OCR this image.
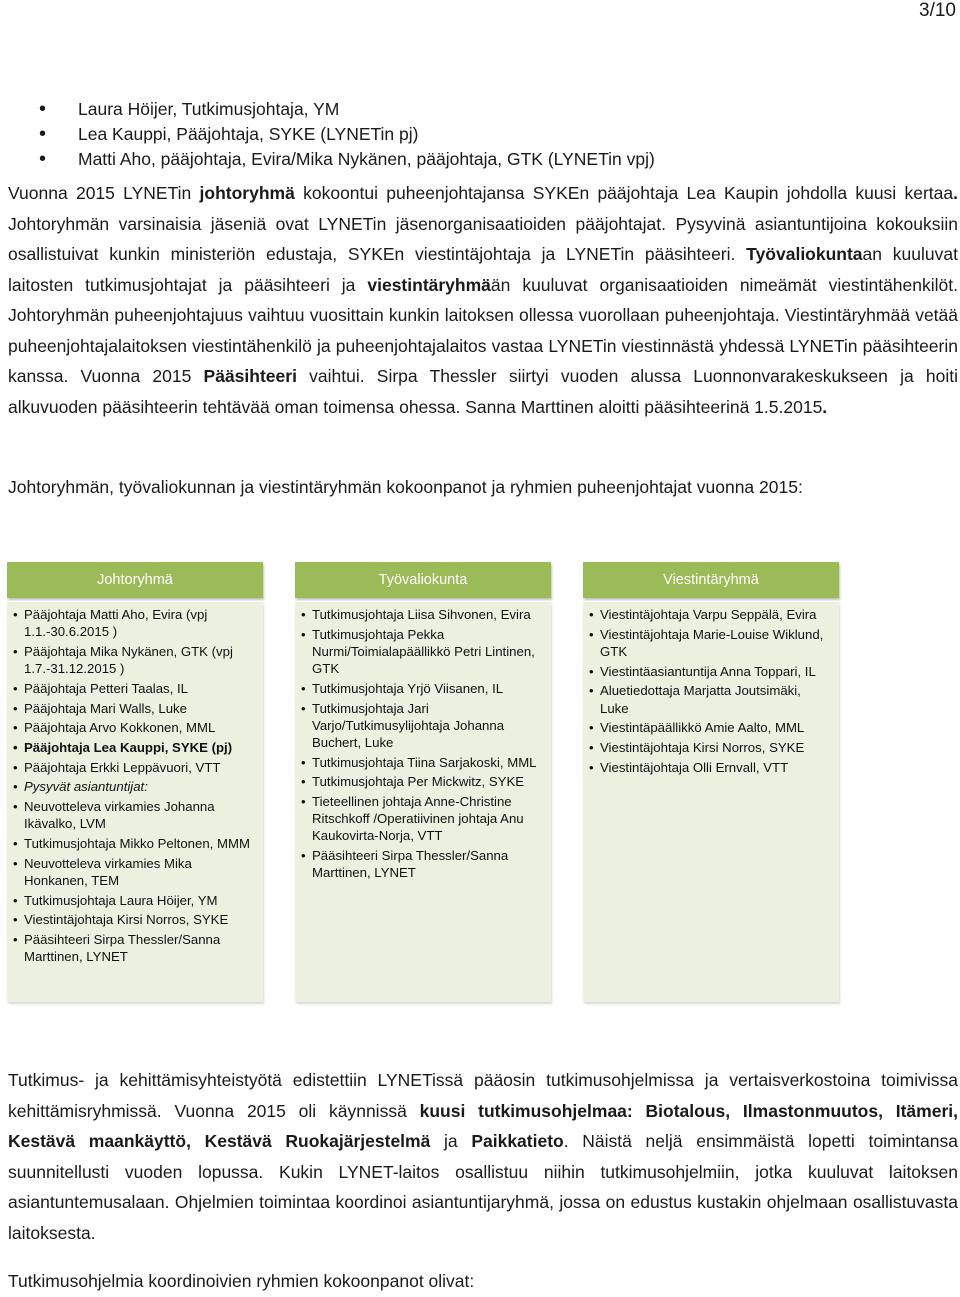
3/10
• Laura Höijer, Tutkimusjohtaja, YM
• Lea Kauppi, Pääjohtaja, SYKE (LYNETin pj)
• Matti Aho, pääjohtaja, Evira/Mika Nykänen, pääjohtaja, GTK (LYNETin vpj)

Vuonna 2015 LYNETin johtoryhmä kokoontui puheenjohtajansa SYKEn pääjohtaja Lea Kaupin johdolla kuusi kertaa. Johtoryhmän varsinaisia jäseniä ovat LYNETin jäsenorganisaatioiden pääjohtajat. Pysyvinä asiantuntijoina kokouksiin osallistuivat kunkin ministeriön edustaja, SYKEn viestintäjohtaja ja LYNETin pääsihteeri. Työvaliokuntaan kuuluvat laitosten tutkimusjohtajat ja pääsihteeri ja viestintäryhmään kuuluvat organisaatioiden nimeämät viestintähenkilöt. Johtoryhmän puheenjohtajuus vaihtuu vuosittain kunkin laitoksen ollessa vuorollaan puheenjohtaja. Viestintäryhmää vetää puheenjohtajalaitoksen viestintähenkilö ja puheenjohtajalaitos vastaa LYNETin viestinnästä yhdessä LYNETin pääsihteerin kanssa. Vuonna 2015 Pääsihteeri vaihtui. Sirpa Thessler siirtyi vuoden alussa Luonnonvarakeskukseen ja hoiti alkuvuoden pääsihteerin tehtävää oman toimensa ohessa. Sanna Marttinen aloitti pääsihteerinä 1.5.2015.

Johtoryhmän, työvaliokunnan ja viestintäryhmän kokoonpanot ja ryhmien puheenjohtajat vuonna 2015:

Johtoryhmä
• Pääjohtaja Matti Aho, Evira (vpj 1.1.-30.6.2015 )
• Pääjohtaja Mika Nykänen, GTK (vpj 1.7.-31.12.2015 )
• Pääjohtaja Petteri Taalas, IL
• Pääjohtaja Mari Walls, Luke
• Pääjohtaja Arvo Kokkonen, MML
• Pääjohtaja Lea Kauppi, SYKE (pj)
• Pääjohtaja Erkki Leppävuori, VTT
• Pysyvät asiantuntijat:
• Neuvotteleva virkamies Johanna Ikävalko, LVM
• Tutkimusjohtaja Mikko Peltonen, MMM
• Neuvotteleva virkamies Mika Honkanen, TEM
• Tutkimusjohtaja Laura Höijer, YM
• Viestintäjohtaja Kirsi Norros, SYKE
• Pääsihteeri Sirpa Thessler/Sanna Marttinen, LYNET
Työvaliokunta
• Tutkimusjohtaja Liisa Sihvonen, Evira
• Tutkimusjohtaja Pekka Nurmi/Toimialapäällikkö Petri Lintinen, GTK
• Tutkimusjohtaja Yrjö Viisanen, IL
• Tutkimusjohtaja Jari Varjo/Tutkimusylijohtaja Johanna Buchert, Luke
• Tutkimusjohtaja Tiina Sarjakoski, MML
• Tutkimusjohtaja Per Mickwitz, SYKE
• Tieteellinen johtaja Anne-Christine Ritschkoff /Operatiivinen johtaja Anu Kaukovirta-Norja, VTT
• Pääsihteeri Sirpa Thessler/Sanna Marttinen, LYNET
Viestintäryhmä
• Viestintäjohtaja Varpu Seppälä, Evira
• Viestintäjohtaja Marie-Louise Wiklund, GTK
• Viestintäasiantuntija Anna Toppari, IL
• Aluetiedottaja Marjatta Joutsimäki, Luke
• Viestintäpäällikkö Amie Aalto, MML
• Viestintäjohtaja Kirsi Norros, SYKE
• Viestintäjohtaja Olli Ernvall, VTT

Tutkimus- ja kehittämisyhteistyötä edistettiin LYNETissä pääosin tutkimusohjelmissa ja vertaisverkostoina toimivissa kehittämisryhmissä. Vuonna 2015 oli käynnissä kuusi tutkimusohjelmaa: Biotalous, Ilmastonmuutos, Itämeri, Kestävä maankäyttö, Kestävä Ruokajärjestelmä ja Paikkatieto. Näistä neljä ensimmäistä lopetti toimintansa suunnitellusti vuoden lopussa. Kukin LYNET-laitos osallistuu niihin tutkimusohjelmiin, jotka kuuluvat laitoksen asiantuntemusalaan. Ohjelmien toimintaa koordinoi asiantuntijaryhmä, jossa on edustus kustakin ohjelmaan osallistuvasta laitoksesta.

Tutkimusohjelmia koordinoivien ryhmien kokoonpanot olivat:
